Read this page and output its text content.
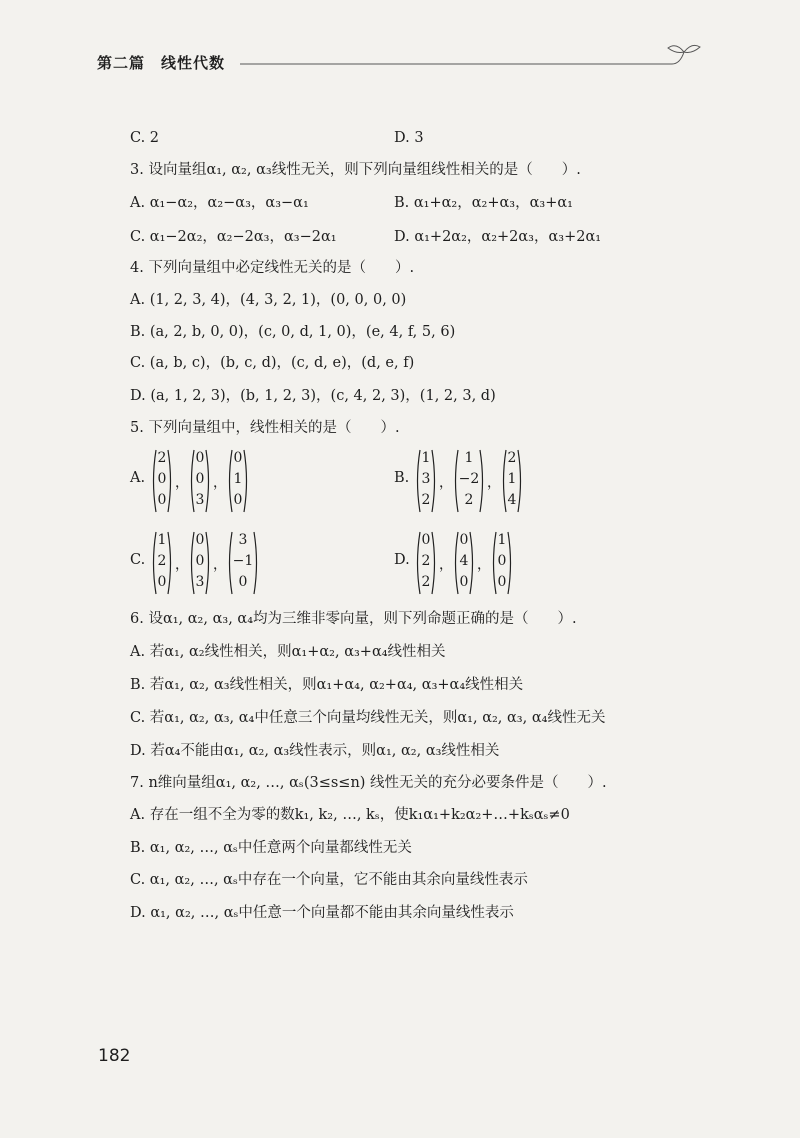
第二篇　线性代数
C. 2	D. 3
3. 设向量组α₁, α₂, α₃线性无关，则下列向量组线性相关的是（　　）.
A. α₁−α₂，α₂−α₃，α₃−α₁	B. α₁+α₂，α₂+α₃，α₃+α₁
C. α₁−2α₂，α₂−2α₃，α₃−2α₁	D. α₁+2α₂，α₂+2α₃，α₃+2α₁
4. 下列向量组中必定线性无关的是（　　）.
A. (1, 2, 3, 4)，(4, 3, 2, 1)，(0, 0, 0, 0)
B. (a, 2, b, 0, 0)，(c, 0, d, 1, 0)，(e, 4, f, 5, 6)
C. (a, b, c)，(b, c, d)，(c, d, e)，(d, e, f)
D. (a, 1, 2, 3)，(b, 1, 2, 3)，(c, 4, 2, 3)，(1, 2, 3, d)
5. 下列向量组中，线性相关的是（　　）.
A.
2
0
0
，
0
0
3
，
0
1
0
B.
1
3
2
，
1
−2
2
，
2
1
4
C.
1
2
0
，
0
0
3
，
3
−1
0
D.
0
2
2
，
0
4
0
，
1
0
0
6. 设α₁, α₂, α₃, α₄均为三维非零向量，则下列命题正确的是（　　）.
A. 若α₁, α₂线性相关，则α₁+α₂, α₃+α₄线性相关
B. 若α₁, α₂, α₃线性相关，则α₁+α₄, α₂+α₄, α₃+α₄线性相关
C. 若α₁, α₂, α₃, α₄中任意三个向量均线性无关，则α₁, α₂, α₃, α₄线性无关
D. 若α₄不能由α₁, α₂, α₃线性表示，则α₁, α₂, α₃线性相关
7. n维向量组α₁, α₂, …, αₛ(3≤s≤n) 线性无关的充分必要条件是（　　）.
A. 存在一组不全为零的数k₁, k₂, …, kₛ，使k₁α₁+k₂α₂+…+kₛαₛ≠0
B. α₁, α₂, …, αₛ中任意两个向量都线性无关
C. α₁, α₂, …, αₛ中存在一个向量，它不能由其余向量线性表示
D. α₁, α₂, …, αₛ中任意一个向量都不能由其余向量线性表示
182
